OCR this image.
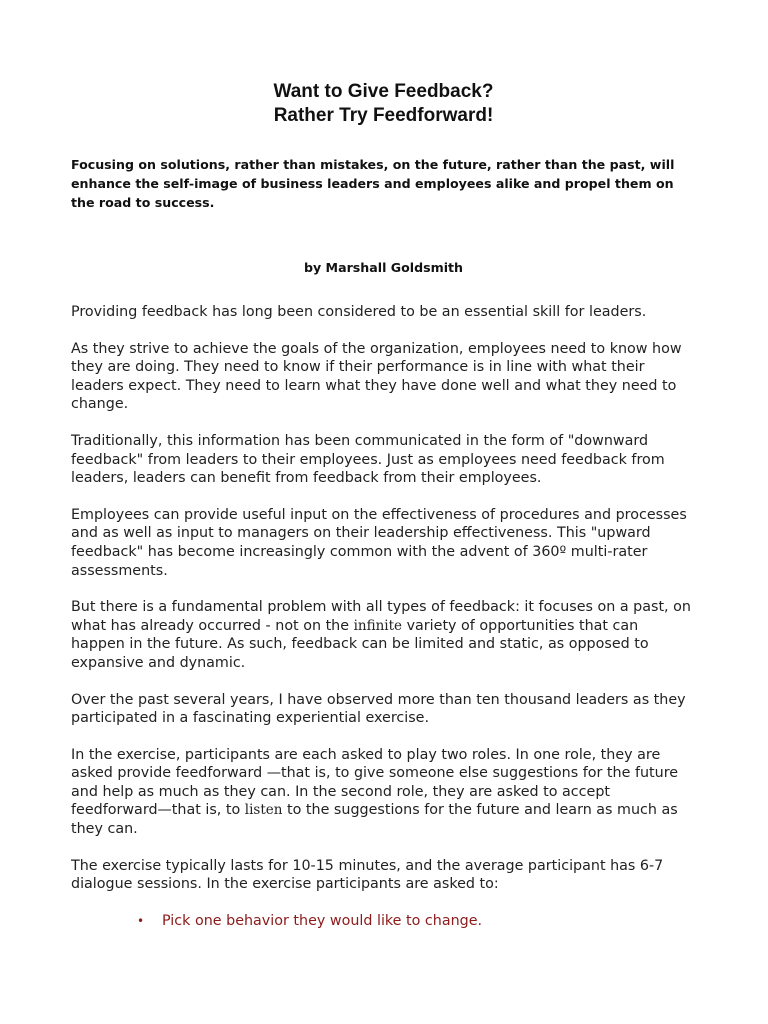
Want to Give Feedback?
Rather Try Feedforward!

Focusing on solutions, rather than mistakes, on the future, rather than the past, will enhance the self-image of business leaders and employees alike and propel them on the road to success.

by Marshall Goldsmith

Providing feedback has long been considered to be an essential skill for leaders.

As they strive to achieve the goals of the organization, employees need to know how they are doing. They need to know if their performance is in line with what their leaders expect. They need to learn what they have done well and what they need to change.

Traditionally, this information has been communicated in the form of "downward feedback" from leaders to their employees. Just as employees need feedback from leaders, leaders can benefit from feedback from their employees.

Employees can provide useful input on the effectiveness of procedures and processes and as well as input to managers on their leadership effectiveness. This "upward feedback" has become increasingly common with the advent of 360º multi-rater assessments.

But there is a fundamental problem with all types of feedback: it focuses on a past, on what has already occurred - not on the infinite variety of opportunities that can happen in the future. As such, feedback can be limited and static, as opposed to expansive and dynamic.

Over the past several years, I have observed more than ten thousand leaders as they participated in a fascinating experiential exercise.

In the exercise, participants are each asked to play two roles. In one role, they are asked provide feedforward —that is, to give someone else suggestions for the future and help as much as they can. In the second role, they are asked to accept feedforward—that is, to listen to the suggestions for the future and learn as much as they can.

The exercise typically lasts for 10-15 minutes, and the average participant has 6-7 dialogue sessions. In the exercise participants are asked to:

• Pick one behavior they would like to change.
